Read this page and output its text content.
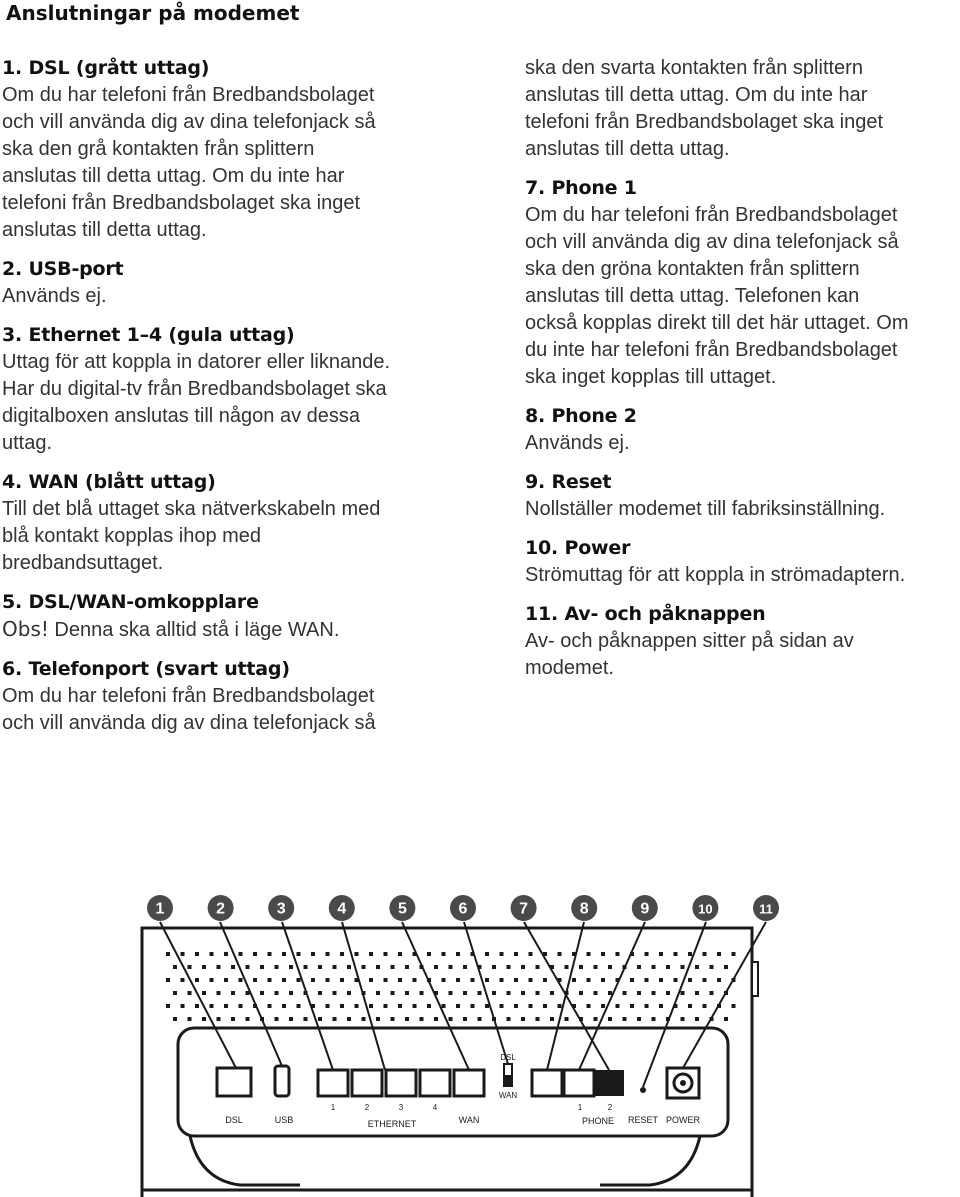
Anslutningar på modemet
1. DSL (grått uttag)
Om du har telefoni från Bredbandsbolaget
och vill använda dig av dina telefonjack så
ska den grå kontakten från splittern
anslutas till detta uttag. Om du inte har
telefoni från Bredbandsbolaget ska inget
anslutas till detta uttag.
2. USB-port
Används ej.
3. Ethernet 1–4 (gula uttag)
Uttag för att koppla in datorer eller liknande.
Har du digital-tv från Bredbandsbolaget ska
digitalboxen anslutas till någon av dessa
uttag.
4. WAN (blått uttag)
Till det blå uttaget ska nätverkskabeln med
blå kontakt kopplas ihop med
bredbandsuttaget.
5. DSL/WAN-omkopplare
Obs! Denna ska alltid stå i läge WAN.
6. Telefonport (svart uttag)
Om du har telefoni från Bredbandsbolaget
och vill använda dig av dina telefonjack så
ska den svarta kontakten från splittern
anslutas till detta uttag. Om du inte har
telefoni från Bredbandsbolaget ska inget
anslutas till detta uttag.
7. Phone 1
Om du har telefoni från Bredbandsbolaget
och vill använda dig av dina telefonjack så
ska den gröna kontakten från splittern
anslutas till detta uttag. Telefonen kan
också kopplas direkt till det här uttaget. Om
du inte har telefoni från Bredbandsbolaget
ska inget kopplas till uttaget.
8. Phone 2
Används ej.
9. Reset
Nollställer modemet till fabriksinställning.
10. Power
Strömuttag för att koppla in strömadaptern.
11. Av- och påknappen
Av- och påknappen sitter på sidan av
modemet.
1	2	3	4	5	6	7	8	9	10	11
DSL	USB
1	2	3	4
ETHERNET	WAN
DSL
WAN
1	2
PHONE RESET POWER
